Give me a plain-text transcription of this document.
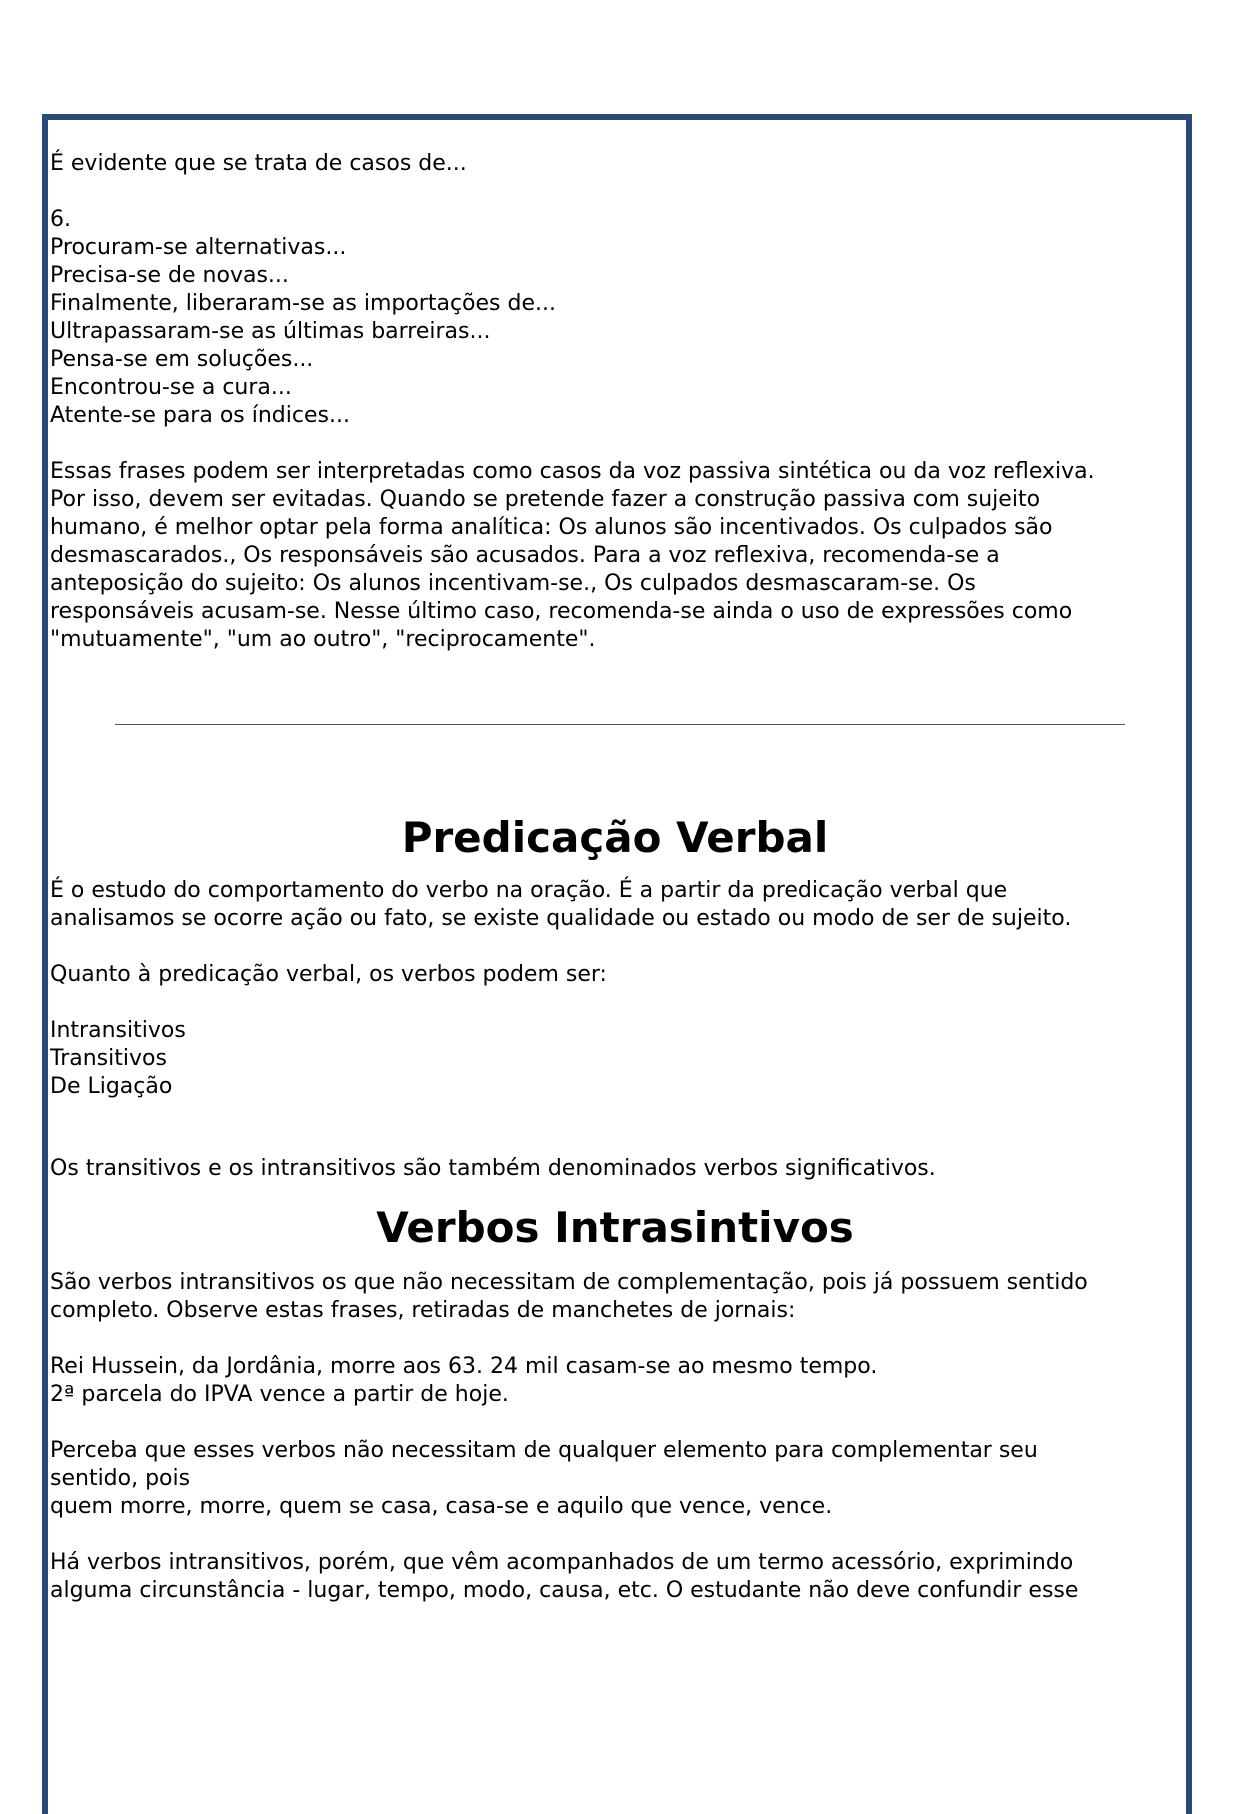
É evidente que se trata de casos de...
6.
Procuram-se alternativas...
Precisa-se de novas...
Finalmente, liberaram-se as importações de...
Ultrapassaram-se as últimas barreiras...
Pensa-se em soluções...
Encontrou-se a cura...
Atente-se para os índices...
Essas frases podem ser interpretadas como casos da voz passiva sintética ou da voz reflexiva.
Por isso, devem ser evitadas. Quando se pretende fazer a construção passiva com sujeito
humano, é melhor optar pela forma analítica: Os alunos são incentivados. Os culpados são
desmascarados., Os responsáveis são acusados. Para a voz reflexiva, recomenda-se a
anteposição do sujeito: Os alunos incentivam-se., Os culpados desmascaram-se. Os
responsáveis acusam-se. Nesse último caso, recomenda-se ainda o uso de expressões como
"mutuamente", "um ao outro", "reciprocamente".
Predicação Verbal
É o estudo do comportamento do verbo na oração. É a partir da predicação verbal que
analisamos se ocorre ação ou fato, se existe qualidade ou estado ou modo de ser de sujeito.
Quanto à predicação verbal, os verbos podem ser:
Intransitivos
Transitivos
De Ligação
Os transitivos e os intransitivos são também denominados verbos significativos.
Verbos Intrasintivos
São verbos intransitivos os que não necessitam de complementação, pois já possuem sentido
completo. Observe estas frases, retiradas de manchetes de jornais:
Rei Hussein, da Jordânia, morre aos 63. 24 mil casam-se ao mesmo tempo.
2ª parcela do IPVA vence a partir de hoje.
Perceba que esses verbos não necessitam de qualquer elemento para complementar seu
sentido, pois
quem morre, morre, quem se casa, casa-se e aquilo que vence, vence.
Há verbos intransitivos, porém, que vêm acompanhados de um termo acessório, exprimindo
alguma circunstância - lugar, tempo, modo, causa, etc. O estudante não deve confundir esse
